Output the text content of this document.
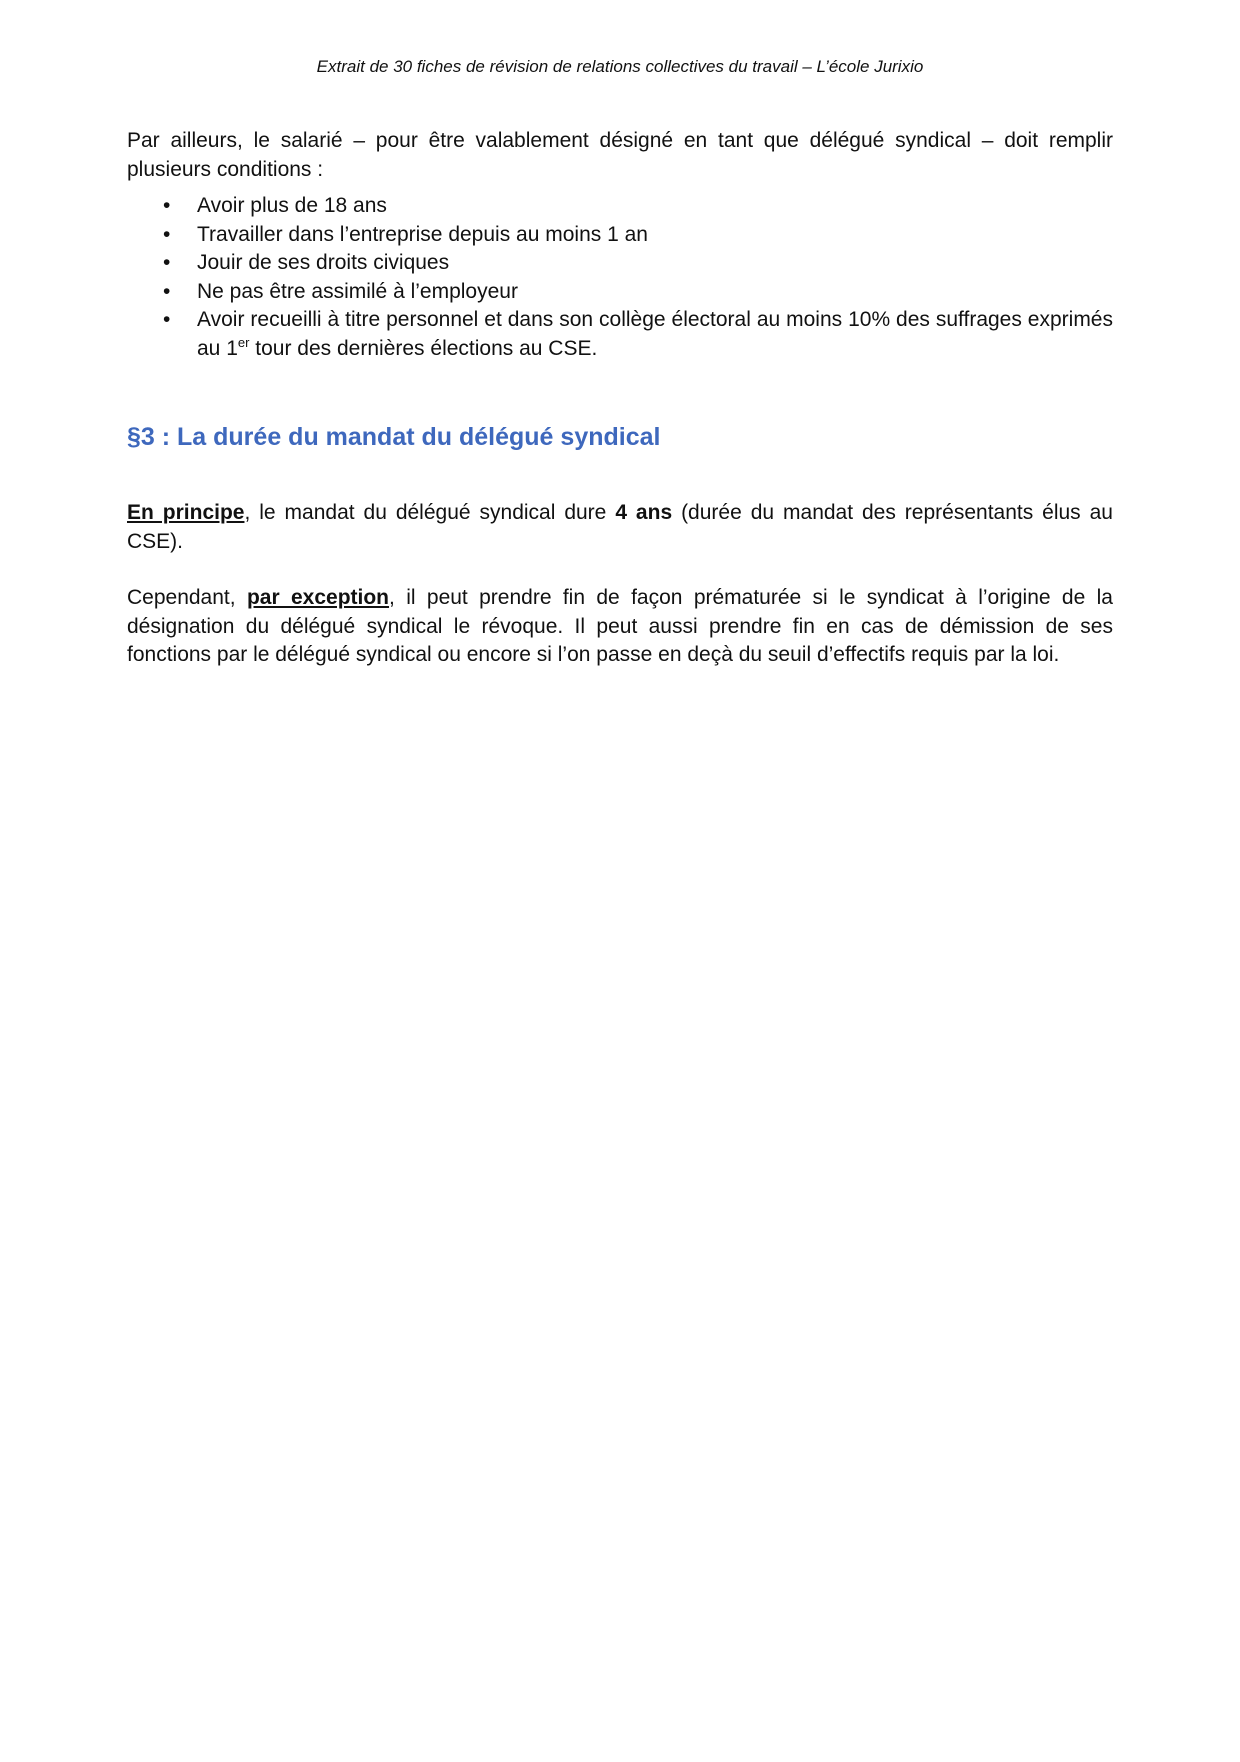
Extrait de 30 fiches de révision de relations collectives du travail – L’école Jurixio

Par ailleurs, le salarié – pour être valablement désigné en tant que délégué syndical – doit remplir plusieurs conditions :

•	Avoir plus de 18 ans
•	Travailler dans l’entreprise depuis au moins 1 an
•	Jouir de ses droits civiques
•	Ne pas être assimilé à l’employeur
•	Avoir recueilli à titre personnel et dans son collège électoral au moins 10% des suffrages exprimés au 1er tour des dernières élections au CSE.
§3 : La durée du mandat du délégué syndical

En principe, le mandat du délégué syndical dure 4 ans (durée du mandat des représentants élus au CSE).

Cependant, par exception, il peut prendre fin de façon prématurée si le syndicat à l’origine de la désignation du délégué syndical le révoque. Il peut aussi prendre fin en cas de démission de ses fonctions par le délégué syndical ou encore si l’on passe en deçà du seuil d’effectifs requis par la loi.
